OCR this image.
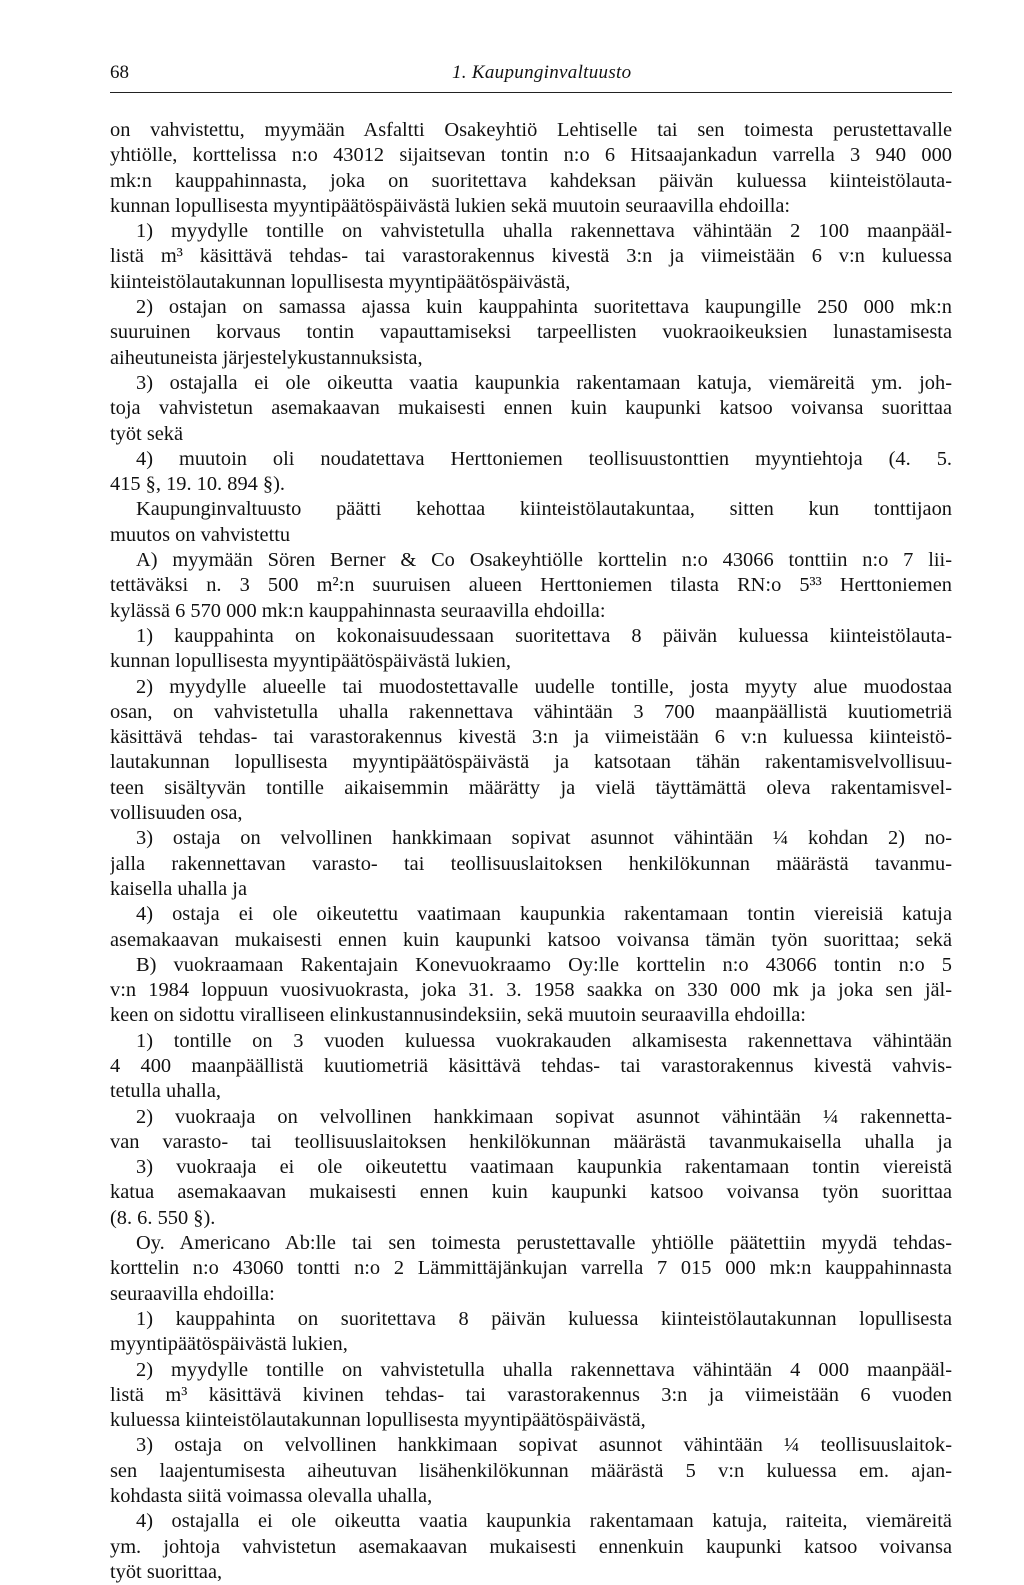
68	1. Kaupunginvaltuusto
on vahvistettu, myymään Asfaltti Osakeyhtiö Lehtiselle tai sen toimesta perustettavalle
yhtiölle, korttelissa n:o 43012 sijaitsevan tontin n:o 6 Hitsaajankadun varrella 3 940 000
mk:n kauppahinnasta, joka on suoritettava kahdeksan päivän kuluessa kiinteistölauta-
kunnan lopullisesta myyntipäätöspäivästä lukien sekä muutoin seuraavilla ehdoilla:
1) myydylle tontille on vahvistetulla uhalla rakennettava vähintään 2 100 maanpääl-
listä m³ käsittävä tehdas- tai varastorakennus kivestä 3:n ja viimeistään 6 v:n kuluessa
kiinteistölautakunnan lopullisesta myyntipäätöspäivästä,
2) ostajan on samassa ajassa kuin kauppahinta suoritettava kaupungille 250 000 mk:n
suuruinen korvaus tontin vapauttamiseksi tarpeellisten vuokraoikeuksien lunastamisesta
aiheutuneista järjestelykustannuksista,
3) ostajalla ei ole oikeutta vaatia kaupunkia rakentamaan katuja, viemäreitä ym. joh-
toja vahvistetun asemakaavan mukaisesti ennen kuin kaupunki katsoo voivansa suorittaa
työt sekä
4) muutoin oli noudatettava Herttoniemen teollisuustonttien myyntiehtoja (4. 5.
415 §, 19. 10. 894 §).
Kaupunginvaltuusto päätti kehottaa kiinteistölautakuntaa, sitten kun tonttijaon
muutos on vahvistettu
A) myymään Sören Berner & Co Osakeyhtiölle korttelin n:o 43066 tonttiin n:o 7 lii-
tettäväksi n. 3 500 m²:n suuruisen alueen Herttoniemen tilasta RN:o 5³³ Herttoniemen
kylässä 6 570 000 mk:n kauppahinnasta seuraavilla ehdoilla:
1) kauppahinta on kokonaisuudessaan suoritettava 8 päivän kuluessa kiinteistölauta-
kunnan lopullisesta myyntipäätöspäivästä lukien,
2) myydylle alueelle tai muodostettavalle uudelle tontille, josta myyty alue muodostaa
osan, on vahvistetulla uhalla rakennettava vähintään 3 700 maanpäällistä kuutiometriä
käsittävä tehdas- tai varastorakennus kivestä 3:n ja viimeistään 6 v:n kuluessa kiinteistö-
lautakunnan lopullisesta myyntipäätöspäivästä ja katsotaan tähän rakentamisvelvollisuu-
teen sisältyvän tontille aikaisemmin määrätty ja vielä täyttämättä oleva rakentamisvel-
vollisuuden osa,
3) ostaja on velvollinen hankkimaan sopivat asunnot vähintään ¼ kohdan 2) no-
jalla rakennettavan varasto- tai teollisuuslaitoksen henkilökunnan määrästä tavanmu-
kaisella uhalla ja
4) ostaja ei ole oikeutettu vaatimaan kaupunkia rakentamaan tontin viereisiä katuja
asemakaavan mukaisesti ennen kuin kaupunki katsoo voivansa tämän työn suorittaa; sekä
B) vuokraamaan Rakentajain Konevuokraamo Oy:lle korttelin n:o 43066 tontin n:o 5
v:n 1984 loppuun vuosivuokrasta, joka 31. 3. 1958 saakka on 330 000 mk ja joka sen jäl-
keen on sidottu viralliseen elinkustannusindeksiin, sekä muutoin seuraavilla ehdoilla:
1) tontille on 3 vuoden kuluessa vuokrakauden alkamisesta rakennettava vähintään
4 400 maanpäällistä kuutiometriä käsittävä tehdas- tai varastorakennus kivestä vahvis-
tetulla uhalla,
2) vuokraaja on velvollinen hankkimaan sopivat asunnot vähintään ¼ rakennetta-
van varasto- tai teollisuuslaitoksen henkilökunnan määrästä tavanmukaisella uhalla ja
3) vuokraaja ei ole oikeutettu vaatimaan kaupunkia rakentamaan tontin viereistä
katua asemakaavan mukaisesti ennen kuin kaupunki katsoo voivansa työn suorittaa
(8. 6. 550 §).
Oy. Americano Ab:lle tai sen toimesta perustettavalle yhtiölle päätettiin myydä tehdas-
korttelin n:o 43060 tontti n:o 2 Lämmittäjänkujan varrella 7 015 000 mk:n kauppahinnasta
seuraavilla ehdoilla:
1) kauppahinta on suoritettava 8 päivän kuluessa kiinteistölautakunnan lopullisesta
myyntipäätöspäivästä lukien,
2) myydylle tontille on vahvistetulla uhalla rakennettava vähintään 4 000 maanpääl-
listä m³ käsittävä kivinen tehdas- tai varastorakennus 3:n ja viimeistään 6 vuoden
kuluessa kiinteistölautakunnan lopullisesta myyntipäätöspäivästä,
3) ostaja on velvollinen hankkimaan sopivat asunnot vähintään ¼ teollisuuslaitok-
sen laajentumisesta aiheutuvan lisähenkilökunnan määrästä 5 v:n kuluessa em. ajan-
kohdasta siitä voimassa olevalla uhalla,
4) ostajalla ei ole oikeutta vaatia kaupunkia rakentamaan katuja, raiteita, viemäreitä
ym. johtoja vahvistetun asemakaavan mukaisesti ennenkuin kaupunki katsoo voivansa
työt suorittaa,
